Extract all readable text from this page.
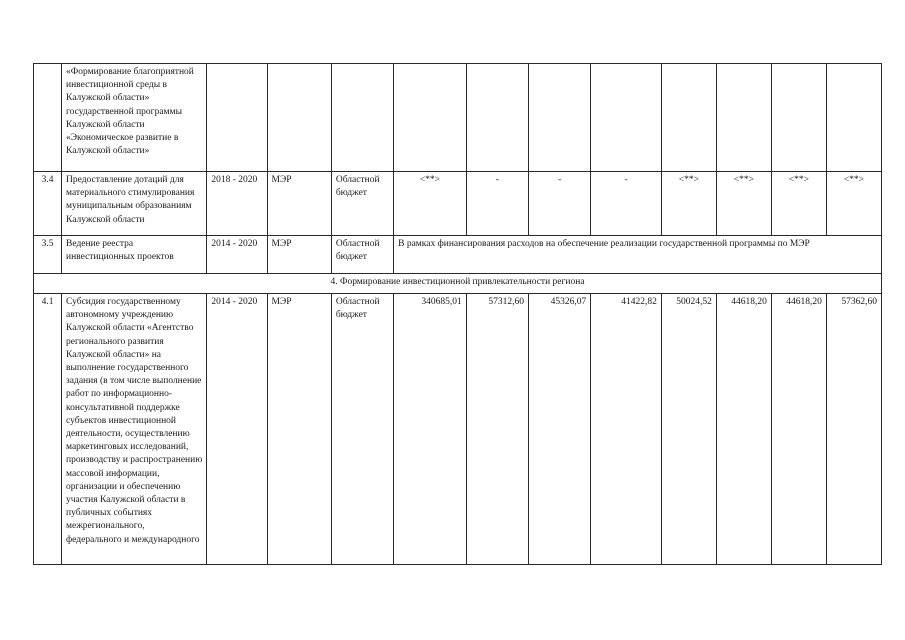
	«Формирование благоприятной инвестиционной среды в Калужской области» государственной программы Калужской области «Экономическое развитие в Калужской области»											
3.4	Предоставление дотаций для материального стимулирования муниципальным образованиям Калужской области	2018 - 2020	МЭР	Областной бюджет	<**>	-	-	-	<**>	<**>	<**>	<**>
3.5	Ведение реестра инвестиционных проектов	2014 - 2020	МЭР	Областной бюджет	В рамках финансирования расходов на обеспечение реализации государственной программы по МЭР							
4. Формирование инвестиционной привлекательности региона												
4.1	Субсидия государственному автономному учреждению Калужской области «Агентство регионального развития Калужской области» на выполнение государственного задания (в том числе выполнение работ по информационно-консультативной поддержке субъектов инвестиционной деятельности, осуществлению маркетинговых исследований, производству и распространению массовой информации, организации и обеспечению участия Калужской области в публичных событиях межрегионального, федерального и международного	2014 - 2020	МЭР	Областной бюджет	340685,01	57312,60	45326,07	41422,82	50024,52	44618,20	44618,20	57362,60
